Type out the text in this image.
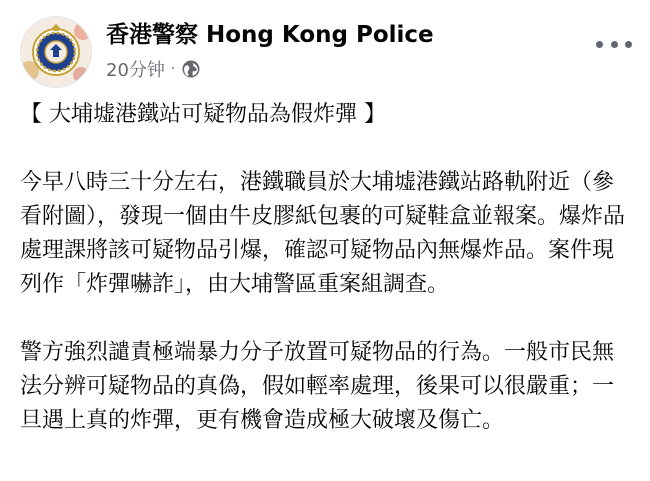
香港警察 Hong Kong Police
20分钟 ·

【 大埔墟港鐵站可疑物品為假炸彈 】

今早八時三十分左右，港鐵職員於大埔墟港鐵站路軌附近（參看附圖），發現一個由牛皮膠紙包裹的可疑鞋盒並報案。爆炸品處理課將該可疑物品引爆，確認可疑物品內無爆炸品。案件現列作「炸彈嚇詐」，由大埔警區重案組調查。

警方強烈譴責極端暴力分子放置可疑物品的行為。一般市民無法分辨可疑物品的真偽，假如輕率處理，後果可以很嚴重；一旦遇上真的炸彈，更有機會造成極大破壞及傷亡。
